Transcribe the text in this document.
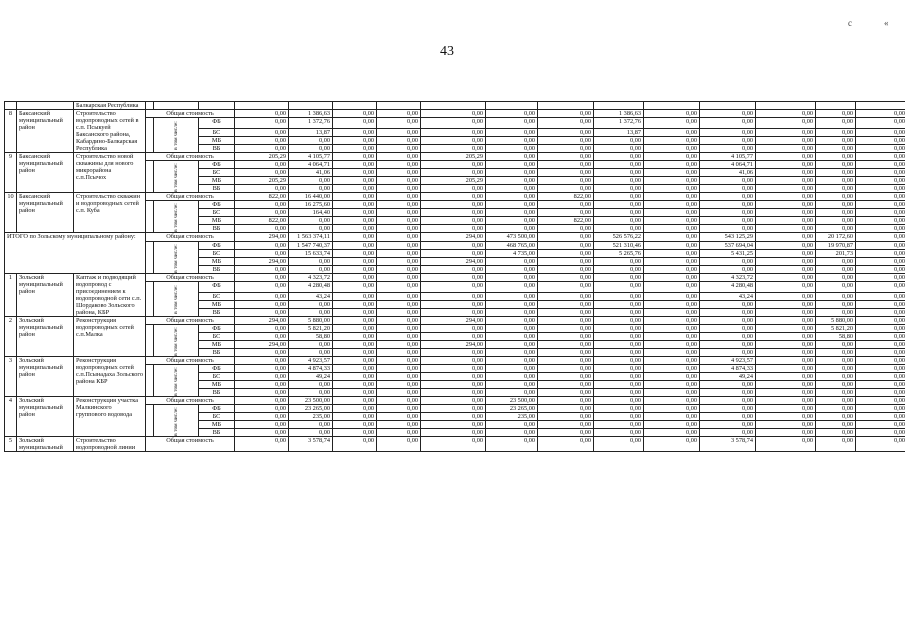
43
с	«
		Балкарская Республика																	
8	Баксанский муниципальный район	Строительство водопроводных сетей в с.п. Псыкуей Баксанского района, Кабардино-Балкарская Республика	Общая стоимость			0,00	1 386,63	0,00	0,00	0,00	0,00	0,00	1 386,63	0,00	0,00	0,00	0,00	0,00		
				в том числе:	ФБ	0,00	1 372,76	0,00	0,00	0,00	0,00	0,00	1 372,76	0,00	0,00	0,00	0,00	0,00		
					БС	0,00	13,87	0,00	0,00	0,00	0,00	0,00	13,87	0,00	0,00	0,00	0,00	0,00		
					МБ	0,00	0,00	0,00	0,00	0,00	0,00	0,00	0,00	0,00	0,00	0,00	0,00	0,00		
					ВБ	0,00	0,00	0,00	0,00	0,00	0,00	0,00	0,00	0,00	0,00	0,00	0,00	0,00		
9	Баксанский муниципальный район	Строительство новой скважины для нового микрорайона с.п.Псычох	Общая стоимость			205,29	4 105,77	0,00	0,00	205,29	0,00	0,00	0,00	0,00	4 105,77	0,00	0,00	0,00		
				в том числе:	ФБ	0,00	4 064,71	0,00	0,00	0,00	0,00	0,00	0,00	0,00	4 064,71	0,00	0,00	0,00		
					БС	0,00	41,06	0,00	0,00	0,00	0,00	0,00	0,00	0,00	41,06	0,00	0,00	0,00		
					МБ	205,29	0,00	0,00	0,00	205,29	0,00	0,00	0,00	0,00	0,00	0,00	0,00	0,00		
					ВБ	0,00	0,00	0,00	0,00	0,00	0,00	0,00	0,00	0,00	0,00	0,00	0,00	0,00		
10	Баксанский муниципальный район	Строительство скважин и водопроводных сетей с.п. Куба	Общая стоимость			822,00	16 440,00	0,00	0,00	0,00	0,00	822,00	0,00	0,00	0,00	0,00	0,00	0,00		
				в том числе:	ФБ	0,00	16 275,60	0,00	0,00	0,00	0,00	0,00	0,00	0,00	0,00	0,00	0,00	0,00		
					БС	0,00	164,40	0,00	0,00	0,00	0,00	0,00	0,00	0,00	0,00	0,00	0,00	0,00		
					МБ	822,00	0,00	0,00	0,00	0,00	0,00	822,00	0,00	0,00	0,00	0,00	0,00	0,00		
					ВБ	0,00	0,00	0,00	0,00	0,00	0,00	0,00	0,00	0,00	0,00	0,00	0,00	0,00		
ИТОГО по Зольскому муниципальному району:			Общая стоимость			294,00	1 563 374,11	0,00	0,00	294,00	473 500,00	0,00	526 576,22	0,00	543 125,29	0,00	20 172,60	0,00		
				в том числе:	ФБ	0,00	1 547 740,37	0,00	0,00	0,00	468 765,00	0,00	521 310,46	0,00	537 694,04	0,00	19 970,87	0,00		
					БС	0,00	15 633,74	0,00	0,00	0,00	4 735,00	0,00	5 265,76	0,00	5 431,25	0,00	201,73	0,00		
					МБ	294,00	0,00	0,00	0,00	294,00	0,00	0,00	0,00	0,00	0,00	0,00	0,00	0,00		
					ВБ	0,00	0,00	0,00	0,00	0,00	0,00	0,00	0,00	0,00	0,00	0,00	0,00	0,00		
1	Зольский муниципальный район	Каптаж и подводящий водопровод с присоединением к водопроводной сети с.п. Шордаково Зольского района, КБР	Общая стоимость			0,00	4 323,72	0,00	0,00	0,00	0,00	0,00	0,00	0,00	4 323,72	0,00	0,00	0,00		
				в том числе:	ФБ	0,00	4 280,48	0,00	0,00	0,00	0,00	0,00	0,00	0,00	4 280,48	0,00	0,00	0,00		
					БС	0,00	43,24	0,00	0,00	0,00	0,00	0,00	0,00	0,00	43,24	0,00	0,00	0,00		
					МБ	0,00	0,00	0,00	0,00	0,00	0,00	0,00	0,00	0,00	0,00	0,00	0,00	0,00		
					ВБ	0,00	0,00	0,00	0,00	0,00	0,00	0,00	0,00	0,00	0,00	0,00	0,00	0,00		
2	Зольский муниципальный район	Реконструкция водопроводных сетей с.п.Малка	Общая стоимость			294,00	5 880,00	0,00	0,00	294,00	0,00	0,00	0,00	0,00	0,00	0,00	5 880,00	0,00		
				в том числе:	ФБ	0,00	5 821,20	0,00	0,00	0,00	0,00	0,00	0,00	0,00	0,00	0,00	5 821,20	0,00		
					БС	0,00	58,80	0,00	0,00	0,00	0,00	0,00	0,00	0,00	0,00	0,00	58,80	0,00		
					МБ	294,00	0,00	0,00	0,00	294,00	0,00	0,00	0,00	0,00	0,00	0,00	0,00	0,00		
					ВБ	0,00	0,00	0,00	0,00	0,00	0,00	0,00	0,00	0,00	0,00	0,00	0,00	0,00		
3	Зольский муниципальный район	Реконструкция водопроводных сетей с.п.Псынадаха Зольского района КБР	Общая стоимость			0,00	4 923,57	0,00	0,00	0,00	0,00	0,00	0,00	0,00	4 923,57	0,00	0,00	0,00		
				в том числе:	ФБ	0,00	4 874,33	0,00	0,00	0,00	0,00	0,00	0,00	0,00	4 874,33	0,00	0,00	0,00		
					БС	0,00	49,24	0,00	0,00	0,00	0,00	0,00	0,00	0,00	49,24	0,00	0,00	0,00		
					МБ	0,00	0,00	0,00	0,00	0,00	0,00	0,00	0,00	0,00	0,00	0,00	0,00	0,00		
					ВБ	0,00	0,00	0,00	0,00	0,00	0,00	0,00	0,00	0,00	0,00	0,00	0,00	0,00		
4	Зольский муниципальный район	Реконструкция участка Малкинского группового водовода	Общая стоимость			0,00	23 500,00	0,00	0,00	0,00	23 500,00	0,00	0,00	0,00	0,00	0,00	0,00	0,00		
				в том числе:	ФБ	0,00	23 265,00	0,00	0,00	0,00	23 265,00	0,00	0,00	0,00	0,00	0,00	0,00	0,00		
					БС	0,00	235,00	0,00	0,00	0,00	235,00	0,00	0,00	0,00	0,00	0,00	0,00	0,00		
					МБ	0,00	0,00	0,00	0,00	0,00	0,00	0,00	0,00	0,00	0,00	0,00	0,00	0,00		
					ВБ	0,00	0,00	0,00	0,00	0,00	0,00	0,00	0,00	0,00	0,00	0,00	0,00	0,00		
5	Зольский муниципальный	Строительство водопроводной линии	Общая стоимость			0,00	3 578,74	0,00	0,00	0,00	0,00	0,00	0,00	0,00	3 578,74	0,00	0,00	0,00		
